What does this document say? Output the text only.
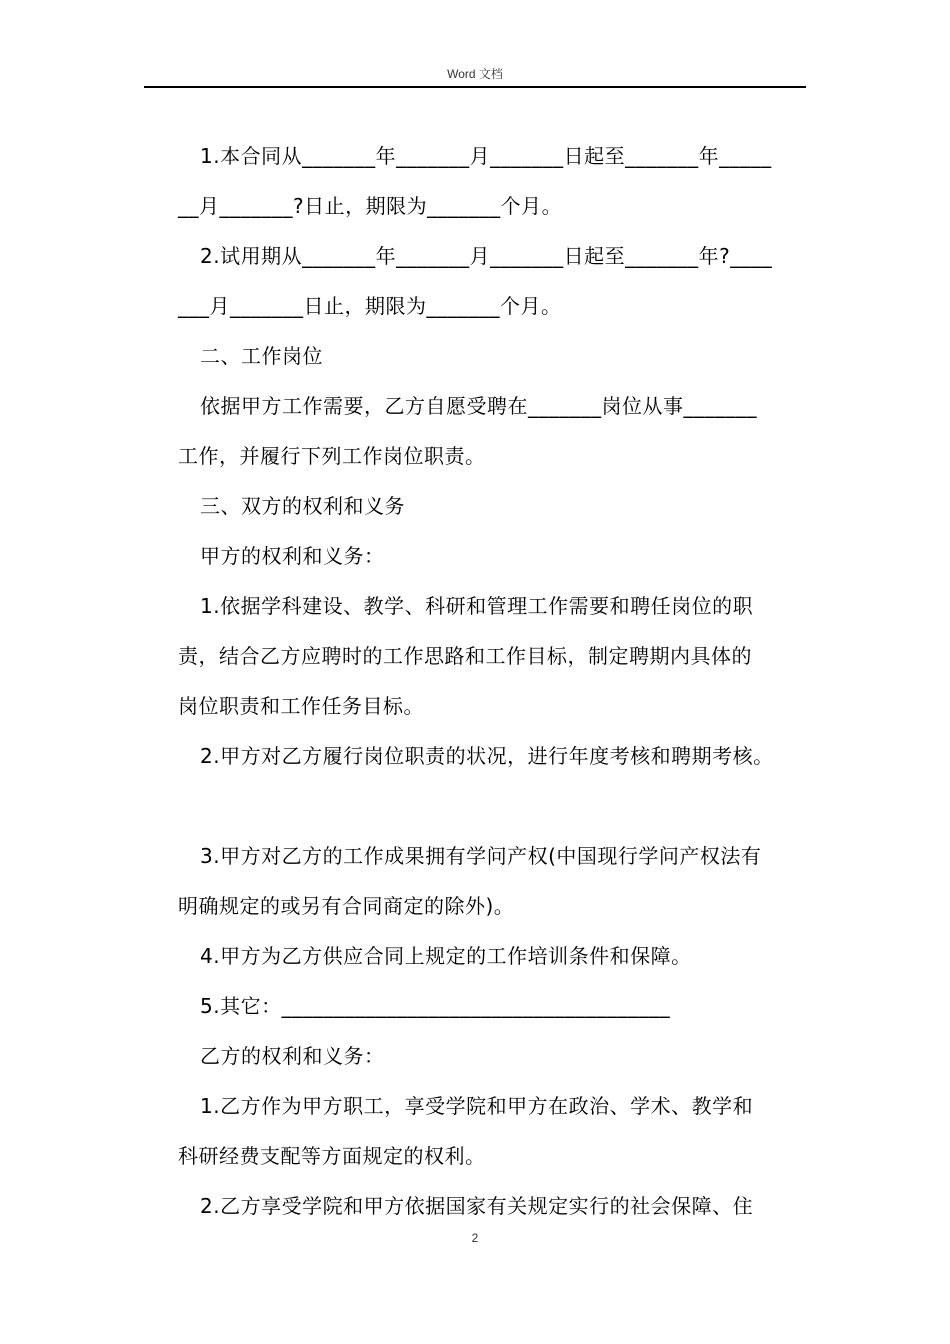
Word 文档

1.本合同从_______年_______月_______日起至_______年_____

__月_______?日止，期限为_______个月。

2.试用期从_______年_______月_______日起至_______年?____

___月_______日止，期限为_______个月。

二、工作岗位

依据甲方工作需要，乙方自愿受聘在_______岗位从事_______

工作，并履行下列工作岗位职责。

三、双方的权利和义务

甲方的权利和义务：

1.依据学科建设、教学、科研和管理工作需要和聘任岗位的职

责，结合乙方应聘时的工作思路和工作目标，制定聘期内具体的

岗位职责和工作任务目标。

2.甲方对乙方履行岗位职责的状况，进行年度考核和聘期考核。

3.甲方对乙方的工作成果拥有学问产权(中国现行学问产权法有

明确规定的或另有合同商定的除外)。

4.甲方为乙方供应合同上规定的工作培训条件和保障。

5.其它：_____________________________________

乙方的权利和义务：

1.乙方作为甲方职工，享受学院和甲方在政治、学术、教学和

科研经费支配等方面规定的权利。

2.乙方享受学院和甲方依据国家有关规定实行的社会保障、住

2
